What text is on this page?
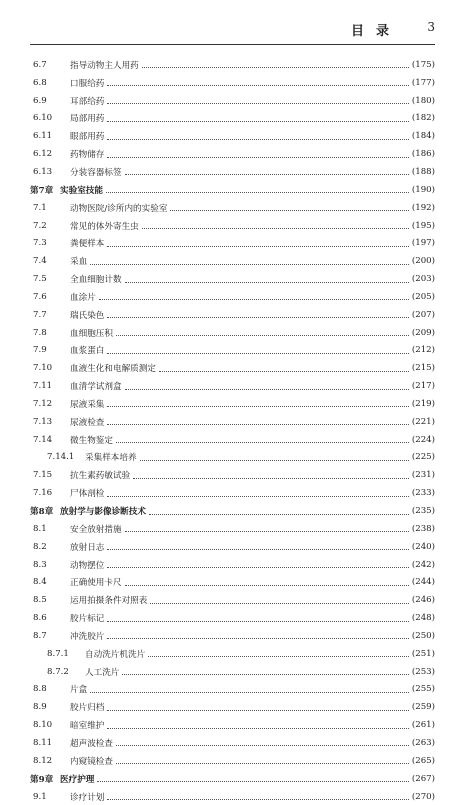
目录 3
6.7	指导动物主人用药	(175)
6.8	口服给药	(177)
6.9	耳部给药	(180)
6.10	局部用药	(182)
6.11	眼部用药	(184)
6.12	药物储存	(186)
6.13	分装容器标签	(188)
第7章 实验室技能	(190)
7.1	动物医院/诊所内的实验室	(192)
7.2	常见的体外寄生虫	(195)
7.3	粪便样本	(197)
7.4	采血	(200)
7.5	全血细胞计数	(203)
7.6	血涂片	(205)
7.7	瑞氏染色	(207)
7.8	血细胞压积	(209)
7.9	血浆蛋白	(212)
7.10	血液生化和电解质测定	(215)
7.11	血清学试剂盒	(217)
7.12	尿液采集	(219)
7.13	尿液检查	(221)
7.14	微生物鉴定	(224)
7.14.1	采集样本培养	(225)
7.15	抗生素药敏试验	(231)
7.16	尸体剖检	(233)
第8章 放射学与影像诊断技术	(235)
8.1	安全放射措施	(238)
8.2	放射日志	(240)
8.3	动物摆位	(242)
8.4	正确使用卡尺	(244)
8.5	运用拍摄条件对照表	(246)
8.6	胶片标记	(248)
8.7	冲洗胶片	(250)
8.7.1	自动洗片机洗片	(251)
8.7.2	人工洗片	(253)
8.8	片盒	(255)
8.9	胶片归档	(259)
8.10	暗室维护	(261)
8.11	超声波检查	(263)
8.12	内窥镜检查	(265)
第9章 医疗护理	(267)
9.1	诊疗计划	(270)
